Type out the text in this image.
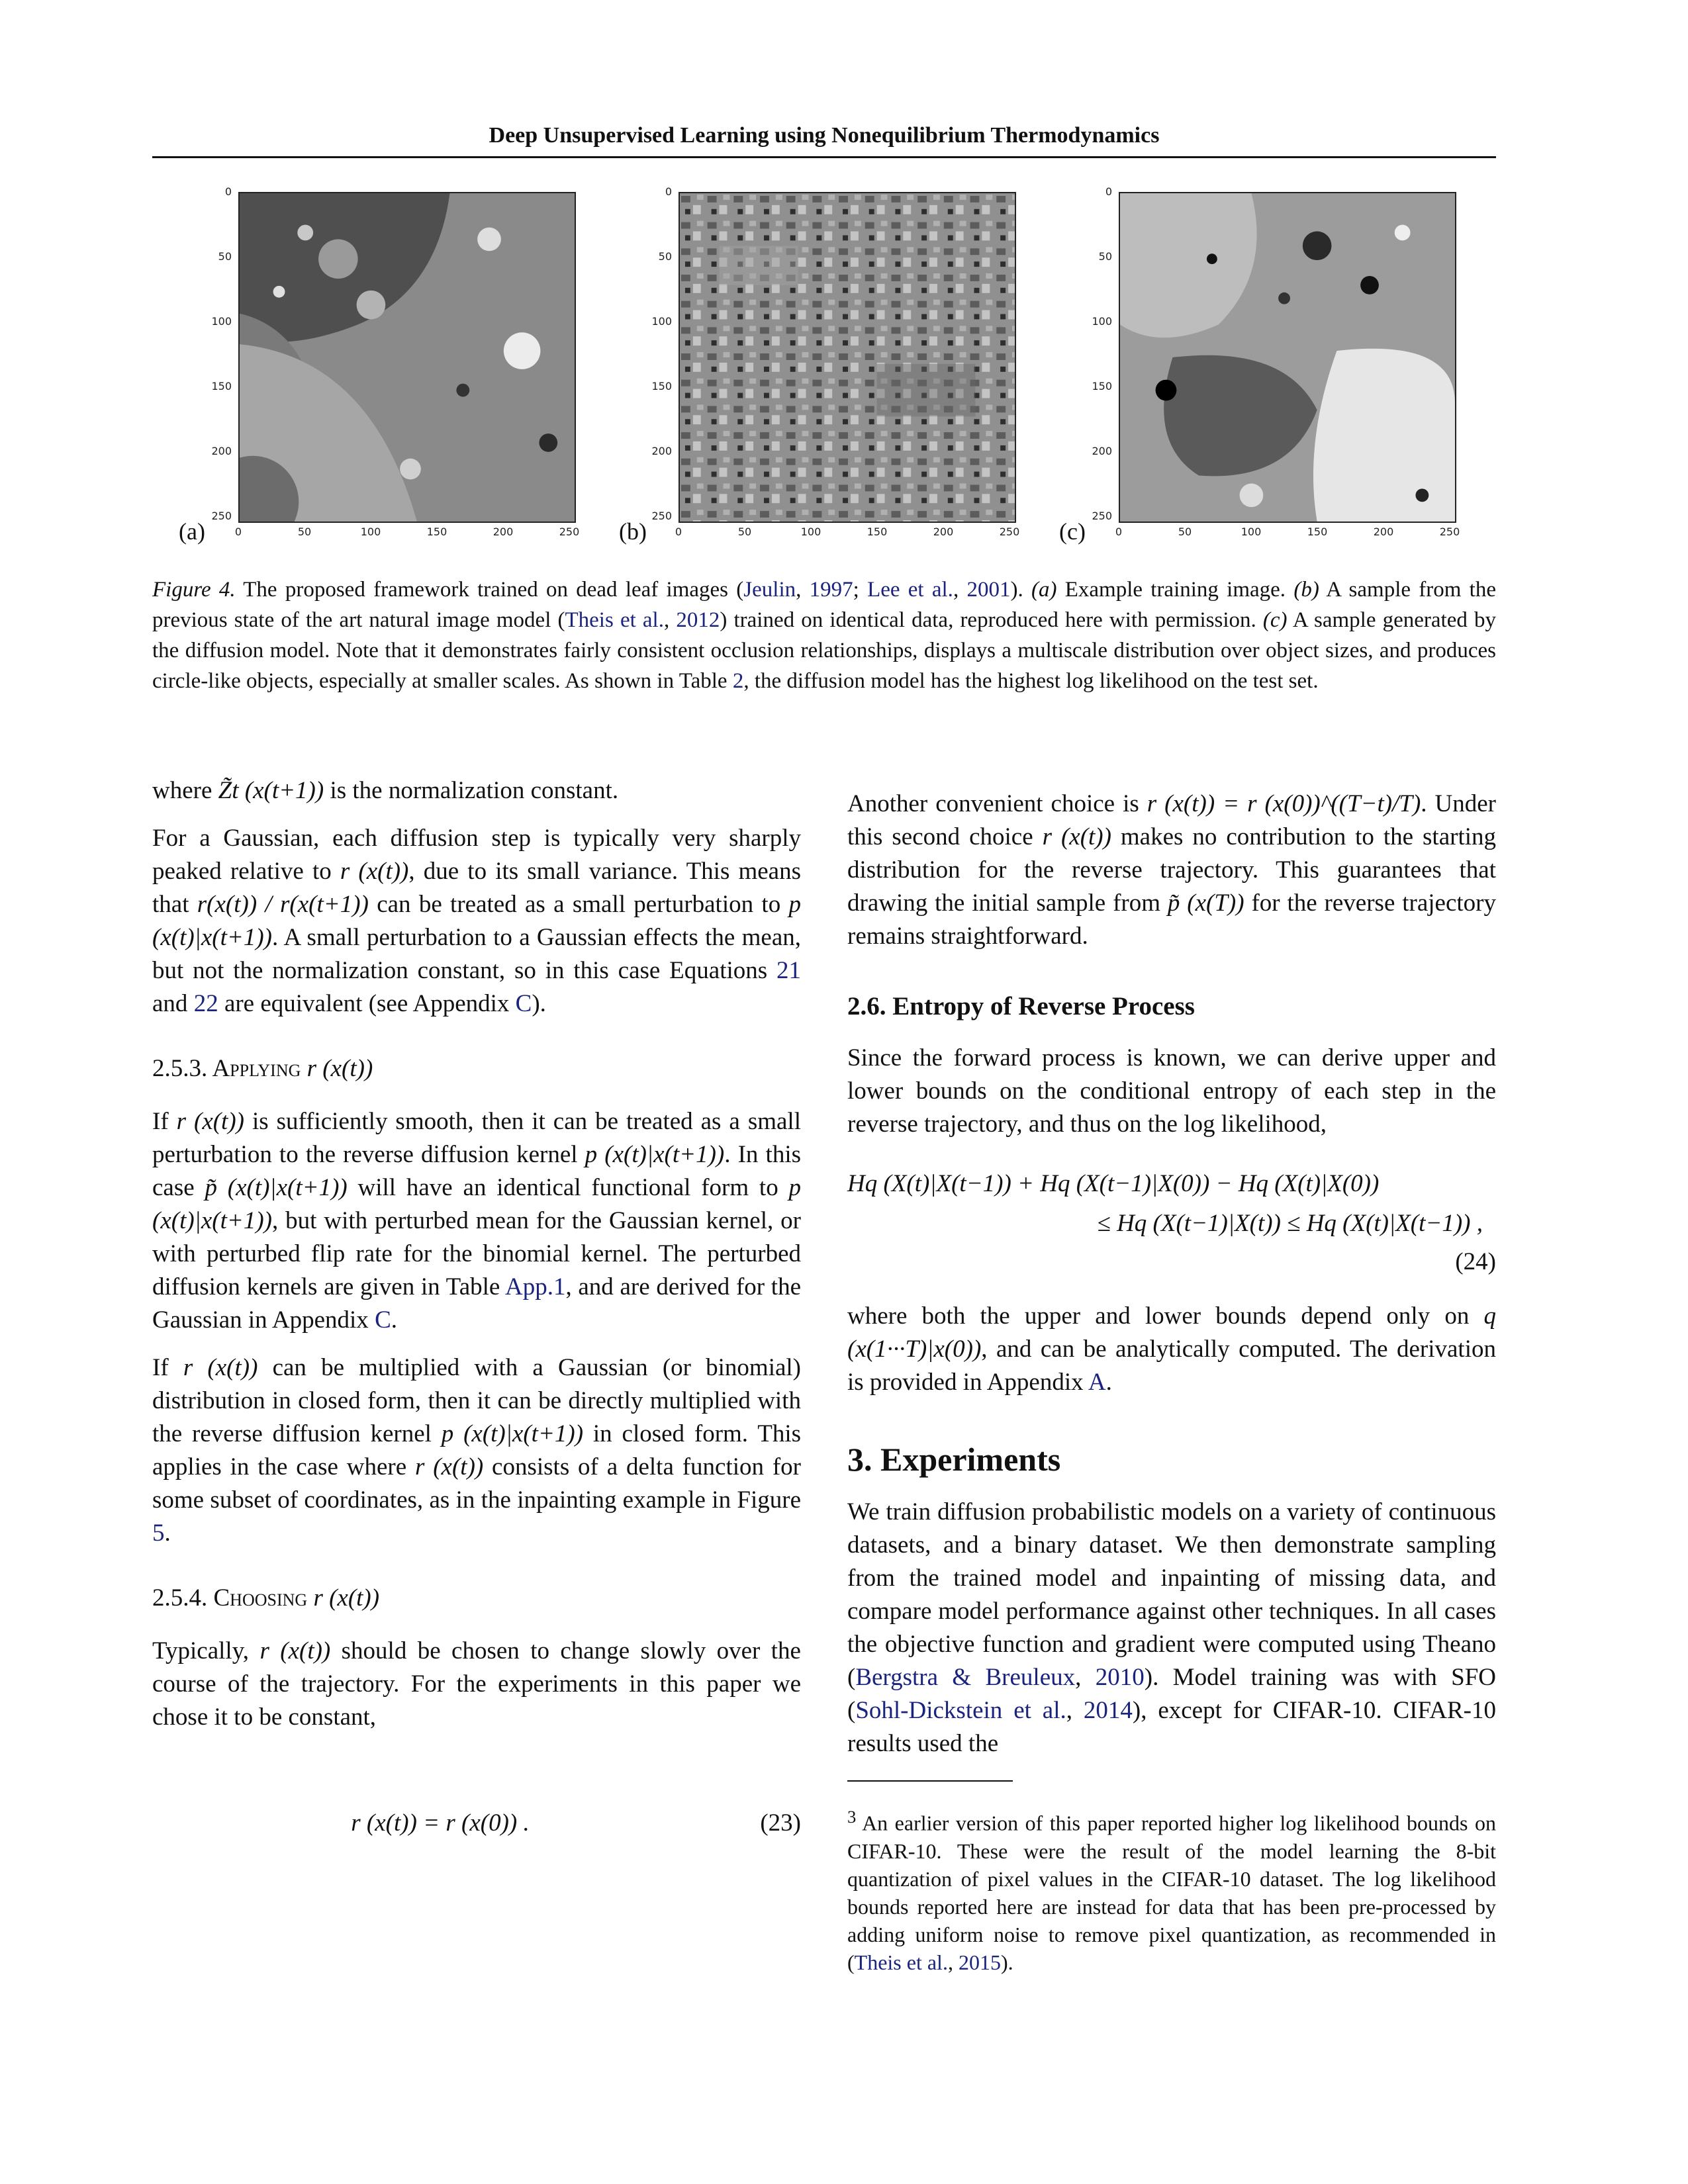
Deep Unsupervised Learning using Nonequilibrium Thermodynamics
0
50
100
150
200
250
0	50	100	150	200	250
(a)
0
50
100
150
200
250
0	50	100	150	200	250
(b)
0
50
100
150
200
250
0	50	100	150	200	250
(c)
Figure 4. The proposed framework trained on dead leaf images (Jeulin, 1997; Lee et al., 2001). (a) Example training image. (b) A sample from the previous state of the art natural image model (Theis et al., 2012) trained on identical data, reproduced here with permission. (c) A sample generated by the diffusion model. Note that it demonstrates fairly consistent occlusion relationships, displays a multiscale distribution over object sizes, and produces circle-like objects, especially at smaller scales. As shown in Table 2, the diffusion model has the highest log likelihood on the test set.

where Z̃t (x(t+1)) is the normalization constant.

For a Gaussian, each diffusion step is typically very sharply peaked relative to r (x(t)), due to its small variance. This means that r(x(t)) / r(x(t+1)) can be treated as a small perturbation to p (x(t)|x(t+1)). A small perturbation to a Gaussian effects the mean, but not the normalization constant, so in this case Equations 21 and 22 are equivalent (see Appendix C).

2.5.3. Applying r (x(t))

If r (x(t)) is sufficiently smooth, then it can be treated as a small perturbation to the reverse diffusion kernel p (x(t)|x(t+1)). In this case p̃ (x(t)|x(t+1)) will have an identical functional form to p (x(t)|x(t+1)), but with perturbed mean for the Gaussian kernel, or with perturbed flip rate for the binomial kernel. The perturbed diffusion kernels are given in Table App.1, and are derived for the Gaussian in Appendix C.

If r (x(t)) can be multiplied with a Gaussian (or binomial) distribution in closed form, then it can be directly multiplied with the reverse diffusion kernel p (x(t)|x(t+1)) in closed form. This applies in the case where r (x(t)) consists of a delta function for some subset of coordinates, as in the inpainting example in Figure 5.

2.5.4. Choosing r (x(t))

Typically, r (x(t)) should be chosen to change slowly over the course of the trajectory. For the experiments in this paper we chose it to be constant,

r (x(t)) = r (x(0)) .	(23)

Another convenient choice is r (x(t)) = r (x(0))^((T−t)/T). Under this second choice r (x(t)) makes no contribution to the starting distribution for the reverse trajectory. This guarantees that drawing the initial sample from p̃ (x(T)) for the reverse trajectory remains straightforward.

2.6. Entropy of Reverse Process

Since the forward process is known, we can derive upper and lower bounds on the conditional entropy of each step in the reverse trajectory, and thus on the log likelihood,

Hq (X(t)|X(t−1)) + Hq (X(t−1)|X(0)) − Hq (X(t)|X(0))
≤ Hq (X(t−1)|X(t)) ≤ Hq (X(t)|X(t−1)) ,
(24)

where both the upper and lower bounds depend only on q (x(1···T)|x(0)), and can be analytically computed. The derivation is provided in Appendix A.

3. Experiments

We train diffusion probabilistic models on a variety of continuous datasets, and a binary dataset. We then demonstrate sampling from the trained model and inpainting of missing data, and compare model performance against other techniques. In all cases the objective function and gradient were computed using Theano (Bergstra & Breuleux, 2010). Model training was with SFO (Sohl-Dickstein et al., 2014), except for CIFAR-10. CIFAR-10 results used the

$^3$ An earlier version of this paper reported higher log likelihood bounds on CIFAR-10. These were the result of the model learning the 8-bit quantization of pixel values in the CIFAR-10 dataset. The log likelihood bounds reported here are instead for data that has been pre-processed by adding uniform noise to remove pixel quantization, as recommended in (Theis et al., 2015).
